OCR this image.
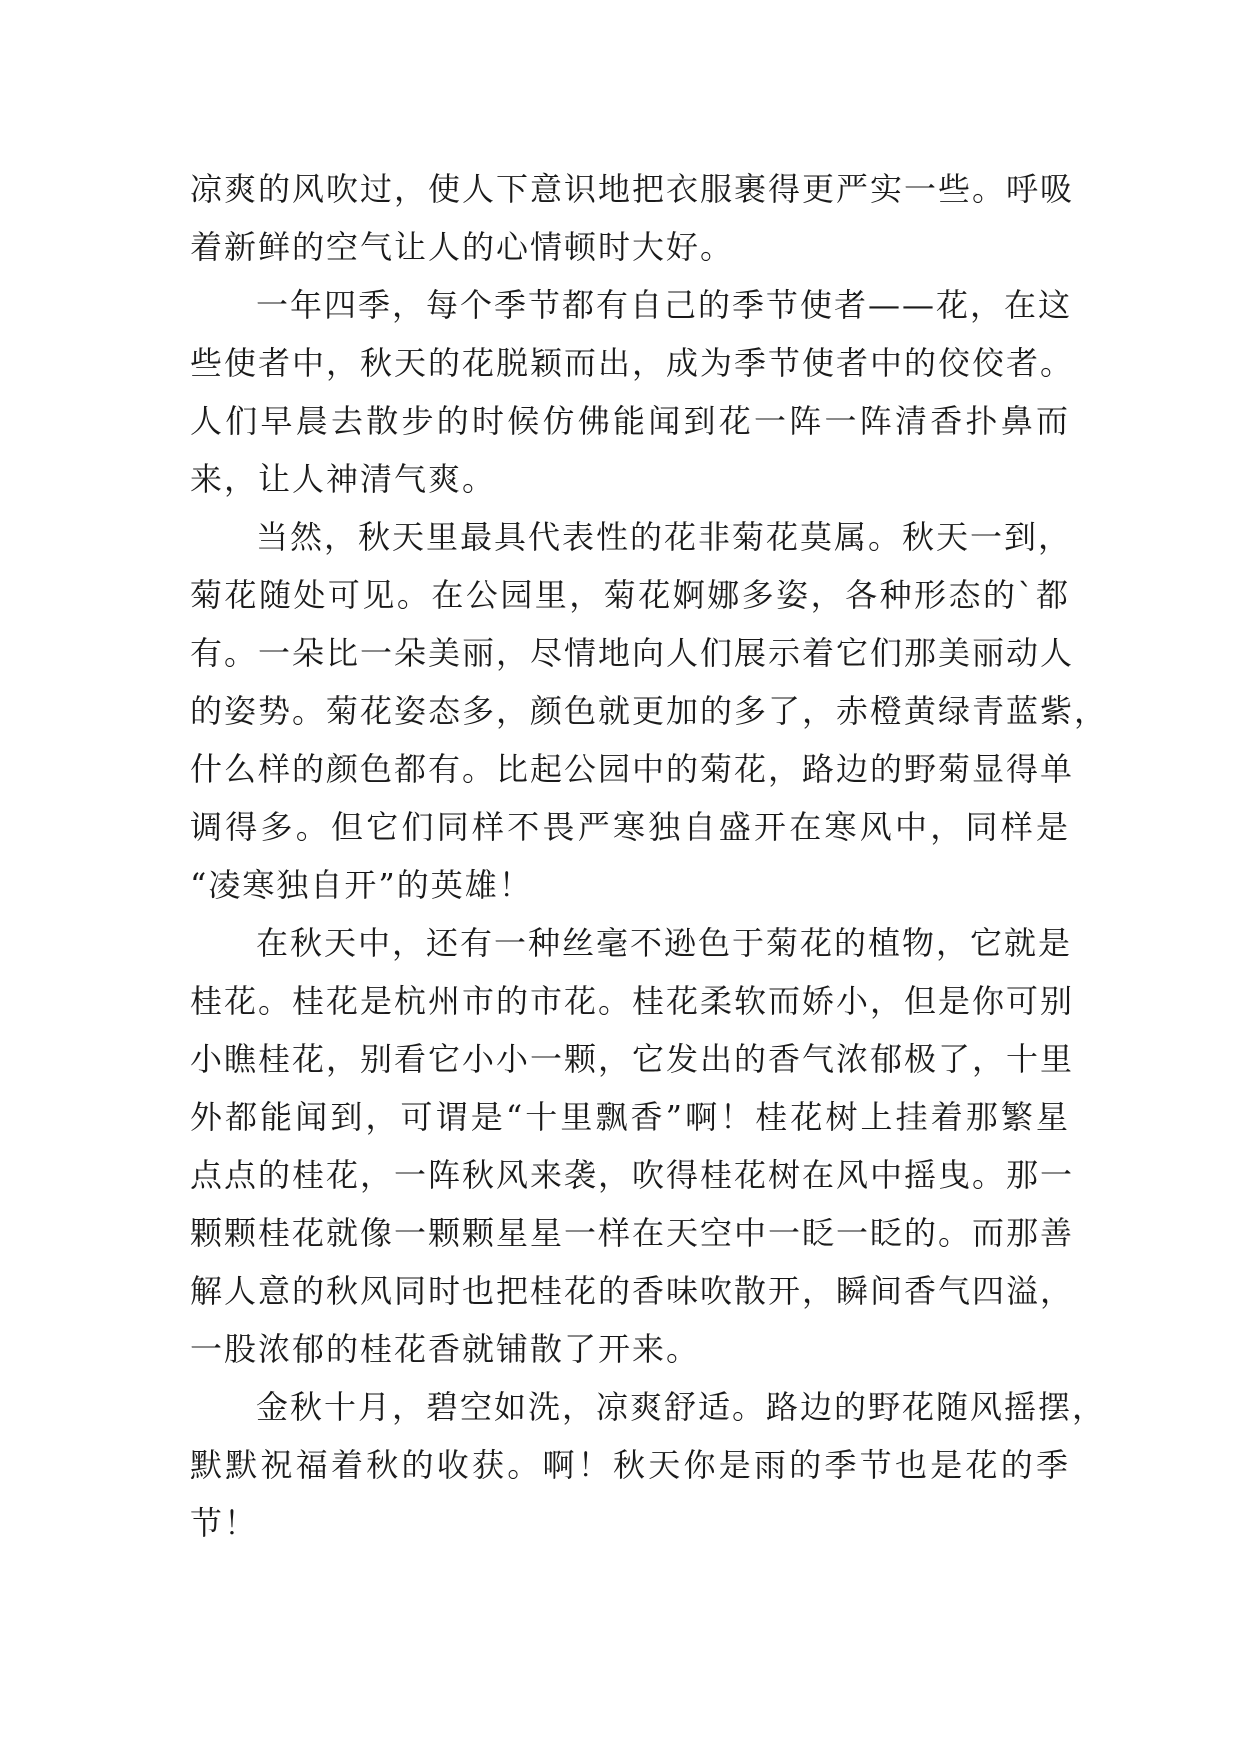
凉爽的风吹过，使人下意识地把衣服裹得更严实一些。呼吸
着新鲜的空气让人的心情顿时大好。

一年四季，每个季节都有自己的季节使者——花，在这
些使者中，秋天的花脱颖而出，成为季节使者中的佼佼者。
人们早晨去散步的时候仿佛能闻到花一阵一阵清香扑鼻而
来，让人神清气爽。

当然，秋天里最具代表性的花非菊花莫属。秋天一到，
菊花随处可见。在公园里，菊花婀娜多姿，各种形态的`都
有。一朵比一朵美丽，尽情地向人们展示着它们那美丽动人
的姿势。菊花姿态多，颜色就更加的多了，赤橙黄绿青蓝紫，
什么样的颜色都有。比起公园中的菊花，路边的野菊显得单
调得多。但它们同样不畏严寒独自盛开在寒风中，同样是
“凌寒独自开”的英雄！

在秋天中，还有一种丝毫不逊色于菊花的植物，它就是
桂花。桂花是杭州市的市花。桂花柔软而娇小，但是你可别
小瞧桂花，别看它小小一颗，它发出的香气浓郁极了，十里
外都能闻到，可谓是“十里飘香”啊！桂花树上挂着那繁星
点点的桂花，一阵秋风来袭，吹得桂花树在风中摇曳。那一
颗颗桂花就像一颗颗星星一样在天空中一眨一眨的。而那善
解人意的秋风同时也把桂花的香味吹散开，瞬间香气四溢，
一股浓郁的桂花香就铺散了开来。

金秋十月，碧空如洗，凉爽舒适。路边的野花随风摇摆，
默默祝福着秋的收获。啊！秋天你是雨的季节也是花的季
节！
